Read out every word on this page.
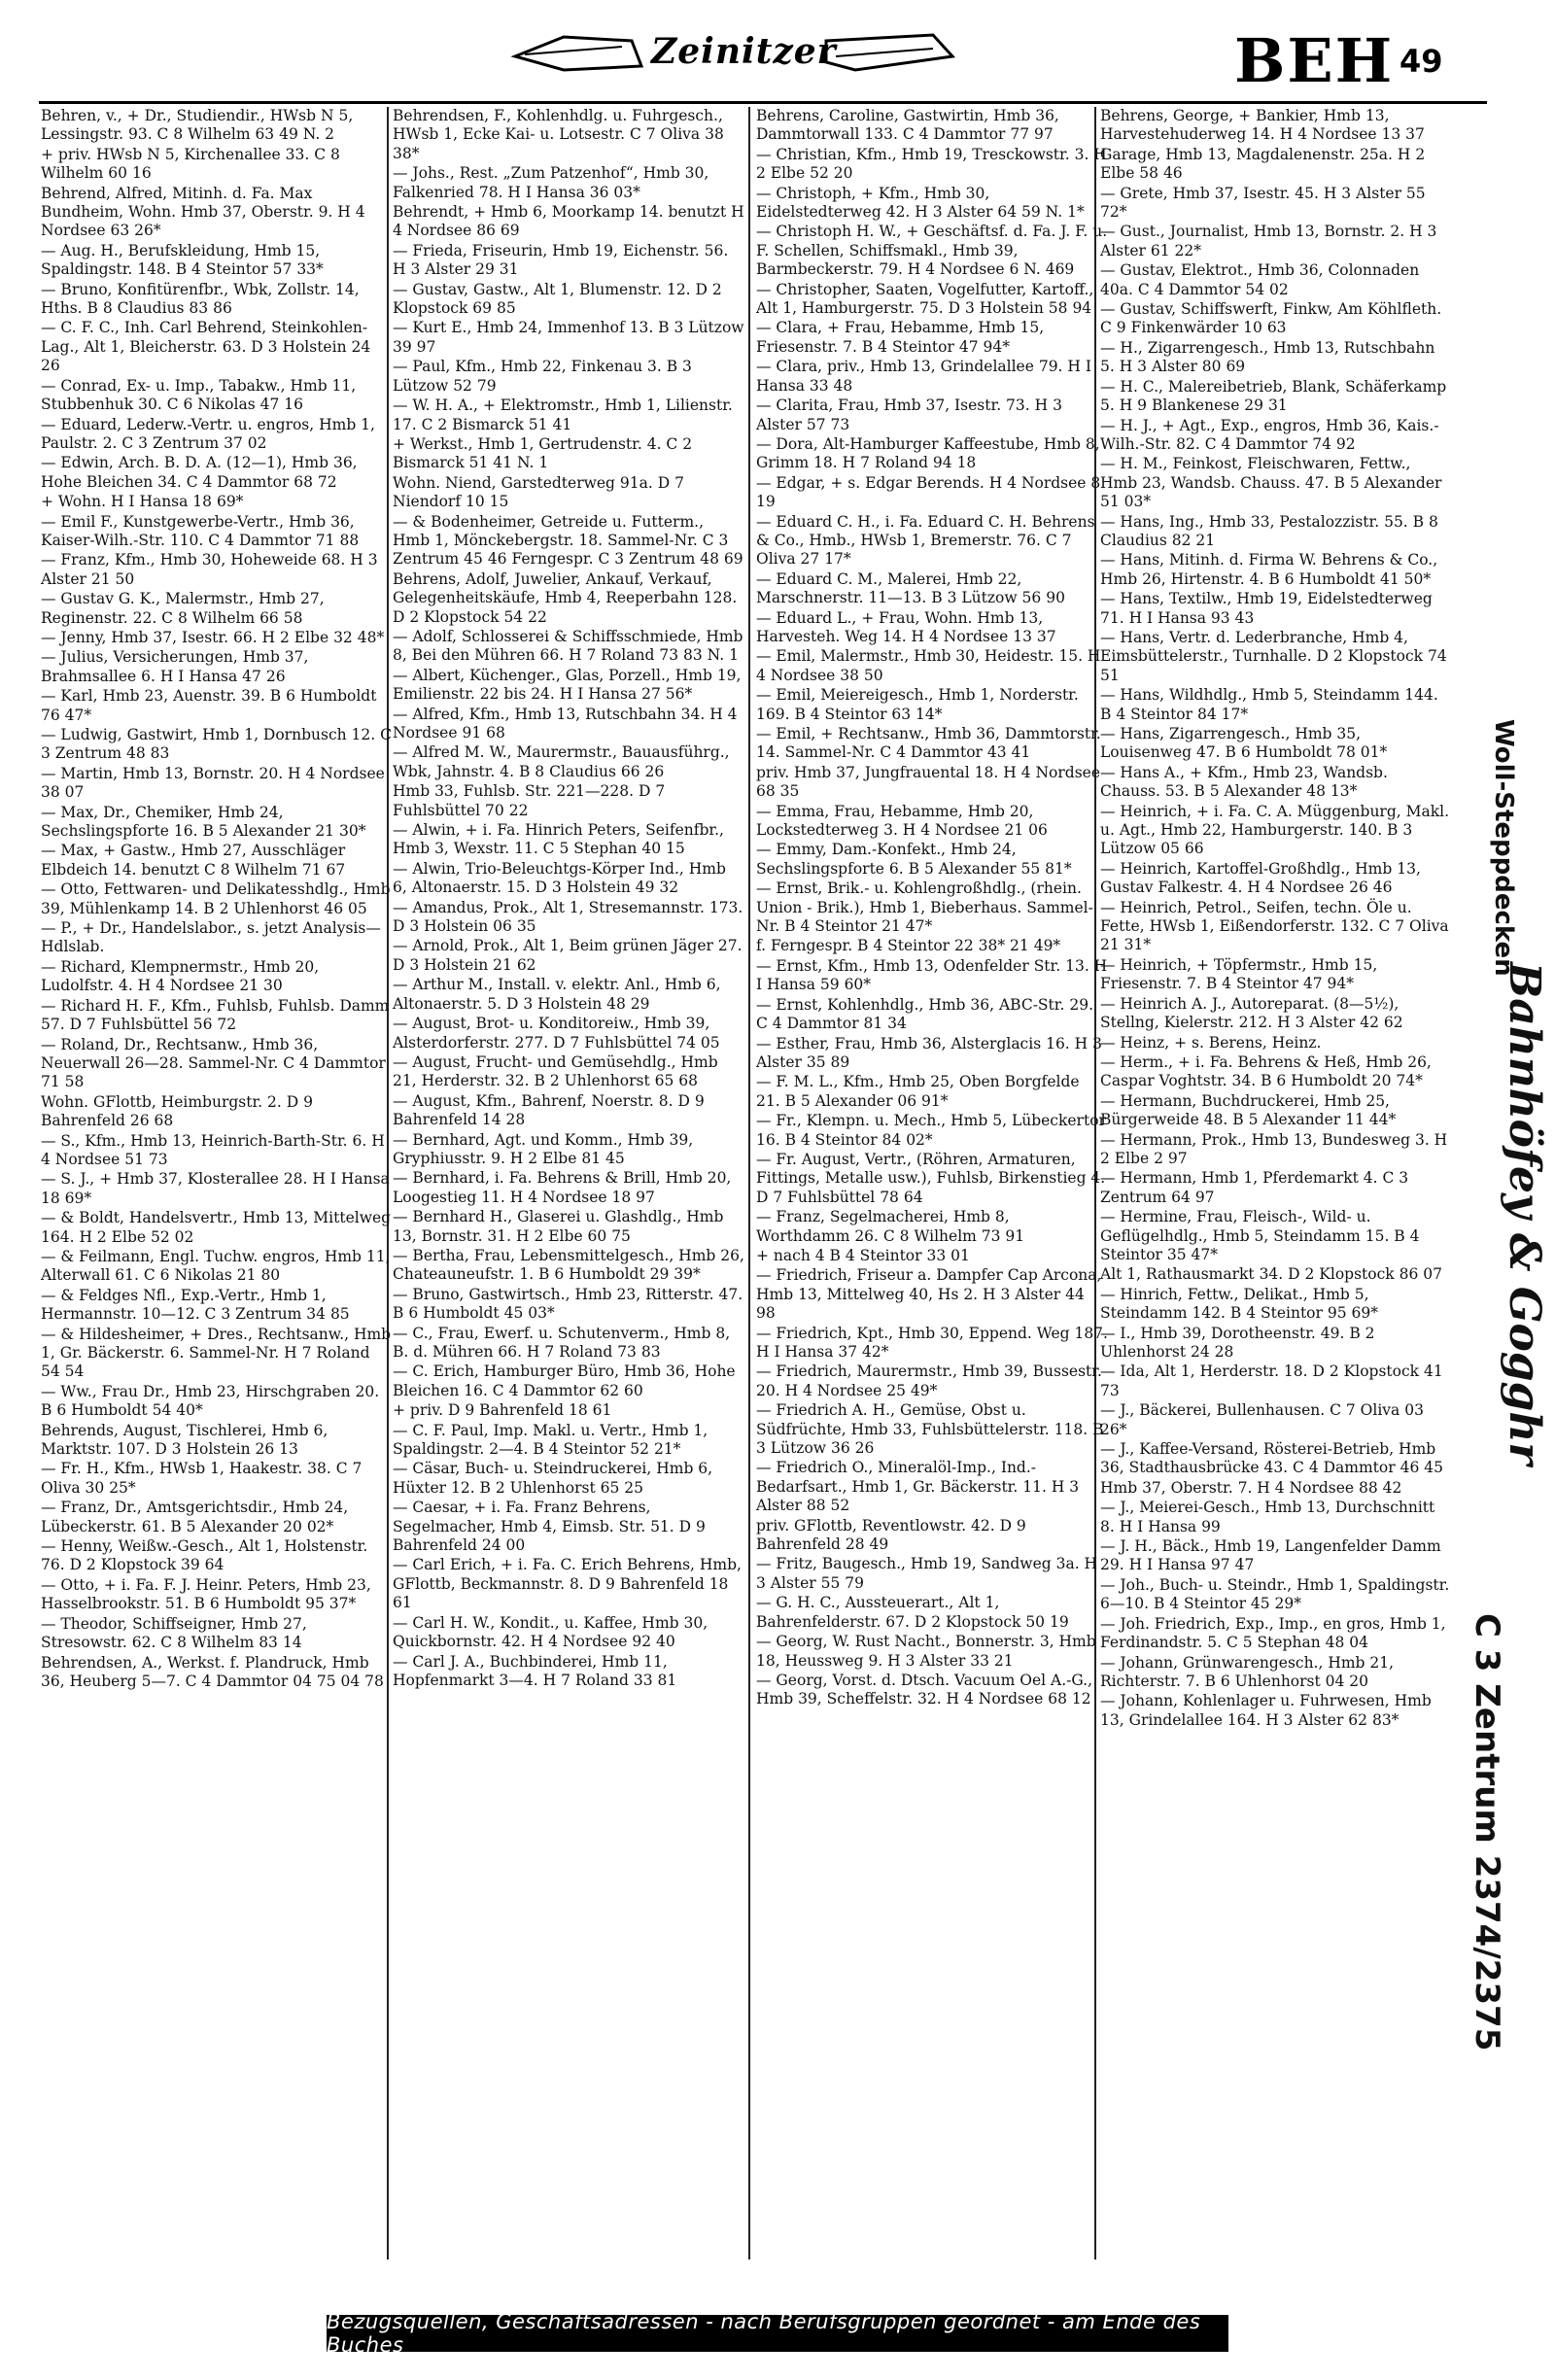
Zeinitzer	BEH 49
Behren, v., + Dr., Studiendir., HWsb N 5, Lessingstr. 93. C 8 Wilhelm 63 49 N. 2
+ priv. HWsb N 5, Kirchenallee 33. C 8 Wilhelm 60 16
Behrend, Alfred, Mitinh. d. Fa. Max Bundheim, Wohn. Hmb 37, Oberstr. 9. H 4 Nordsee 63 26*
— Aug. H., Berufskleidung, Hmb 15, Spaldingstr. 148. B 4 Steintor 57 33*
— Bruno, Konfitürenfbr., Wbk, Zollstr. 14, Hths. B 8 Claudius 83 86
— C. F. C., Inh. Carl Behrend, Steinkohlen-Lag., Alt 1, Bleicherstr. 63. D 3 Holstein 24 26
— Conrad, Ex- u. Imp., Tabakw., Hmb 11, Stubbenhuk 30. C 6 Nikolas 47 16
— Eduard, Lederw.-Vertr. u. engros, Hmb 1, Paulstr. 2. C 3 Zentrum 37 02
— Edwin, Arch. B. D. A. (12—1), Hmb 36, Hohe Bleichen 34. C 4 Dammtor 68 72
+ Wohn. H I Hansa 18 69*
— Emil F., Kunstgewerbe-Vertr., Hmb 36, Kaiser-Wilh.-Str. 110. C 4 Dammtor 71 88
— Franz, Kfm., Hmb 30, Hoheweide 68. H 3 Alster 21 50
— Gustav G. K., Malermstr., Hmb 27, Reginenstr. 22. C 8 Wilhelm 66 58
— Jenny, Hmb 37, Isestr. 66. H 2 Elbe 32 48*
— Julius, Versicherungen, Hmb 37, Brahmsallee 6. H I Hansa 47 26
— Karl, Hmb 23, Auenstr. 39. B 6 Humboldt 76 47*
— Ludwig, Gastwirt, Hmb 1, Dornbusch 12. C 3 Zentrum 48 83
— Martin, Hmb 13, Bornstr. 20. H 4 Nordsee 38 07
— Max, Dr., Chemiker, Hmb 24, Sechslingspforte 16. B 5 Alexander 21 30*
— Max, + Gastw., Hmb 27, Ausschläger Elbdeich 14. benutzt C 8 Wilhelm 71 67
— Otto, Fettwaren- und Delikatesshdlg., Hmb 39, Mühlenkamp 14. B 2 Uhlenhorst 46 05
— P., + Dr., Handelslabor., s. jetzt Analysis—Hdlslab.
— Richard, Klempnermstr., Hmb 20, Ludolfstr. 4. H 4 Nordsee 21 30
— Richard H. F., Kfm., Fuhlsb, Fuhlsb. Damm 57. D 7 Fuhlsbüttel 56 72
— Roland, Dr., Rechtsanw., Hmb 36, Neuerwall 26—28. Sammel-Nr. C 4 Dammtor 71 58
Wohn. GFlottb, Heimburgstr. 2. D 9 Bahrenfeld 26 68
— S., Kfm., Hmb 13, Heinrich-Barth-Str. 6. H 4 Nordsee 51 73
— S. J., + Hmb 37, Klosterallee 28. H I Hansa 18 69*
— & Boldt, Handelsvertr., Hmb 13, Mittelweg 164. H 2 Elbe 52 02
— & Feilmann, Engl. Tuchw. engros, Hmb 11, Alterwall 61. C 6 Nikolas 21 80
— & Feldges Nfl., Exp.-Vertr., Hmb 1, Hermannstr. 10—12. C 3 Zentrum 34 85
— & Hildesheimer, + Dres., Rechtsanw., Hmb 1, Gr. Bäckerstr. 6. Sammel-Nr. H 7 Roland 54 54
— Ww., Frau Dr., Hmb 23, Hirschgraben 20. B 6 Humboldt 54 40*
Behrends, August, Tischlerei, Hmb 6, Marktstr. 107. D 3 Holstein 26 13
— Fr. H., Kfm., HWsb 1, Haakestr. 38. C 7 Oliva 30 25*
— Franz, Dr., Amtsgerichtsdir., Hmb 24, Lübeckerstr. 61. B 5 Alexander 20 02*
— Henny, Weißw.-Gesch., Alt 1, Holstenstr. 76. D 2 Klopstock 39 64
— Otto, + i. Fa. F. J. Heinr. Peters, Hmb 23, Hasselbrookstr. 51. B 6 Humboldt 95 37*
— Theodor, Schiffseigner, Hmb 27, Stresowstr. 62. C 8 Wilhelm 83 14
Behrendsen, A., Werkst. f. Plandruck, Hmb 36, Heuberg 5—7. C 4 Dammtor 04 75 04 78
Behrendsen, F., Kohlenhdlg. u. Fuhrgesch., HWsb 1, Ecke Kai- u. Lotsestr. C 7 Oliva 38 38*
— Johs., Rest. „Zum Patzenhof“, Hmb 30, Falkenried 78. H I Hansa 36 03*
Behrendt, + Hmb 6, Moorkamp 14. benutzt H 4 Nordsee 86 69
— Frieda, Friseurin, Hmb 19, Eichenstr. 56. H 3 Alster 29 31
— Gustav, Gastw., Alt 1, Blumenstr. 12. D 2 Klopstock 69 85
— Kurt E., Hmb 24, Immenhof 13. B 3 Lützow 39 97
— Paul, Kfm., Hmb 22, Finkenau 3. B 3 Lützow 52 79
— W. H. A., + Elektromstr., Hmb 1, Lilienstr. 17. C 2 Bismarck 51 41
+ Werkst., Hmb 1, Gertrudenstr. 4. C 2 Bismarck 51 41 N. 1
Wohn. Niend, Garstedterweg 91a. D 7 Niendorf 10 15
— & Bodenheimer, Getreide u. Futterm., Hmb 1, Mönckebergstr. 18. Sammel-Nr. C 3 Zentrum 45 46 Ferngespr. C 3 Zentrum 48 69
Behrens, Adolf, Juwelier, Ankauf, Verkauf, Gelegenheitskäufe, Hmb 4, Reeperbahn 128. D 2 Klopstock 54 22
— Adolf, Schlosserei & Schiffsschmiede, Hmb 8, Bei den Mühren 66. H 7 Roland 73 83 N. 1
— Albert, Küchenger., Glas, Porzell., Hmb 19, Emilienstr. 22 bis 24. H I Hansa 27 56*
— Alfred, Kfm., Hmb 13, Rutschbahn 34. H 4 Nordsee 91 68
— Alfred M. W., Maurermstr., Bauausführg., Wbk, Jahnstr. 4. B 8 Claudius 66 26
Hmb 33, Fuhlsb. Str. 221—228. D 7 Fuhlsbüttel 70 22
— Alwin, + i. Fa. Hinrich Peters, Seifenfbr., Hmb 3, Wexstr. 11. C 5 Stephan 40 15
— Alwin, Trio-Beleuchtgs-Körper Ind., Hmb 6, Altonaerstr. 15. D 3 Holstein 49 32
— Amandus, Prok., Alt 1, Stresemannstr. 173. D 3 Holstein 06 35
— Arnold, Prok., Alt 1, Beim grünen Jäger 27. D 3 Holstein 21 62
— Arthur M., Install. v. elektr. Anl., Hmb 6, Altonaerstr. 5. D 3 Holstein 48 29
— August, Brot- u. Konditoreiw., Hmb 39, Alsterdorferstr. 277. D 7 Fuhlsbüttel 74 05
— August, Frucht- und Gemüsehdlg., Hmb 21, Herderstr. 32. B 2 Uhlenhorst 65 68
— August, Kfm., Bahrenf, Noerstr. 8. D 9 Bahrenfeld 14 28
— Bernhard, Agt. und Komm., Hmb 39, Gryphiusstr. 9. H 2 Elbe 81 45
— Bernhard, i. Fa. Behrens & Brill, Hmb 20, Loogestieg 11. H 4 Nordsee 18 97
— Bernhard H., Glaserei u. Glashdlg., Hmb 13, Bornstr. 31. H 2 Elbe 60 75
— Bertha, Frau, Lebensmittelgesch., Hmb 26, Chateauneufstr. 1. B 6 Humboldt 29 39*
— Bruno, Gastwirtsch., Hmb 23, Ritterstr. 47. B 6 Humboldt 45 03*
— C., Frau, Ewerf. u. Schutenverm., Hmb 8, B. d. Mühren 66. H 7 Roland 73 83
— C. Erich, Hamburger Büro, Hmb 36, Hohe Bleichen 16. C 4 Dammtor 62 60
+ priv. D 9 Bahrenfeld 18 61
— C. F. Paul, Imp. Makl. u. Vertr., Hmb 1, Spaldingstr. 2—4. B 4 Steintor 52 21*
— Cäsar, Buch- u. Steindruckerei, Hmb 6, Hüxter 12. B 2 Uhlenhorst 65 25
— Caesar, + i. Fa. Franz Behrens, Segelmacher, Hmb 4, Eimsb. Str. 51. D 9 Bahrenfeld 24 00
— Carl Erich, + i. Fa. C. Erich Behrens, Hmb, GFlottb, Beckmannstr. 8. D 9 Bahrenfeld 18 61
— Carl H. W., Kondit., u. Kaffee, Hmb 30, Quickbornstr. 42. H 4 Nordsee 92 40
— Carl J. A., Buchbinderei, Hmb 11, Hopfenmarkt 3—4. H 7 Roland 33 81
Behrens, Caroline, Gastwirtin, Hmb 36, Dammtorwall 133. C 4 Dammtor 77 97
— Christian, Kfm., Hmb 19, Tresckowstr. 3. H 2 Elbe 52 20
— Christoph, + Kfm., Hmb 30, Eidelstedterweg 42. H 3 Alster 64 59 N. 1*
— Christoph H. W., + Geschäftsf. d. Fa. J. F. u. F. Schellen, Schiffsmakl., Hmb 39, Barmbeckerstr. 79. H 4 Nordsee 6 N. 469
— Christopher, Saaten, Vogelfutter, Kartoff., Alt 1, Hamburgerstr. 75. D 3 Holstein 58 94
— Clara, + Frau, Hebamme, Hmb 15, Friesenstr. 7. B 4 Steintor 47 94*
— Clara, priv., Hmb 13, Grindelallee 79. H I Hansa 33 48
— Clarita, Frau, Hmb 37, Isestr. 73. H 3 Alster 57 73
— Dora, Alt-Hamburger Kaffeestube, Hmb 8, Grimm 18. H 7 Roland 94 18
— Edgar, + s. Edgar Berends. H 4 Nordsee 8 19
— Eduard C. H., i. Fa. Eduard C. H. Behrens & Co., Hmb., HWsb 1, Bremerstr. 76. C 7 Oliva 27 17*
— Eduard C. M., Malerei, Hmb 22, Marschnerstr. 11—13. B 3 Lützow 56 90
— Eduard L., + Frau, Wohn. Hmb 13, Harvesteh. Weg 14. H 4 Nordsee 13 37
— Emil, Malermstr., Hmb 30, Heidestr. 15. H 4 Nordsee 38 50
— Emil, Meiereigesch., Hmb 1, Norderstr. 169. B 4 Steintor 63 14*
— Emil, + Rechtsanw., Hmb 36, Dammtorstr. 14. Sammel-Nr. C 4 Dammtor 43 41
priv. Hmb 37, Jungfrauental 18. H 4 Nordsee 68 35
— Emma, Frau, Hebamme, Hmb 20, Lockstedterweg 3. H 4 Nordsee 21 06
— Emmy, Dam.-Konfekt., Hmb 24, Sechslingspforte 6. B 5 Alexander 55 81*
— Ernst, Brik.- u. Kohlengroßhdlg., (rhein. Union - Brik.), Hmb 1, Bieberhaus. Sammel-Nr. B 4 Steintor 21 47*
f. Ferngespr. B 4 Steintor 22 38* 21 49*
— Ernst, Kfm., Hmb 13, Odenfelder Str. 13. H I Hansa 59 60*
— Ernst, Kohlenhdlg., Hmb 36, ABC-Str. 29. C 4 Dammtor 81 34
— Esther, Frau, Hmb 36, Alsterglacis 16. H 3 Alster 35 89
— F. M. L., Kfm., Hmb 25, Oben Borgfelde 21. B 5 Alexander 06 91*
— Fr., Klempn. u. Mech., Hmb 5, Lübeckertor 16. B 4 Steintor 84 02*
— Fr. August, Vertr., (Röhren, Armaturen, Fittings, Metalle usw.), Fuhlsb, Birkenstieg 4. D 7 Fuhlsbüttel 78 64
— Franz, Segelmacherei, Hmb 8, Worthdamm 26. C 8 Wilhelm 73 91
+ nach 4 B 4 Steintor 33 01
— Friedrich, Friseur a. Dampfer Cap Arcona, Hmb 13, Mittelweg 40, Hs 2. H 3 Alster 44 98
— Friedrich, Kpt., Hmb 30, Eppend. Weg 187. H I Hansa 37 42*
— Friedrich, Maurermstr., Hmb 39, Bussestr. 20. H 4 Nordsee 25 49*
— Friedrich A. H., Gemüse, Obst u. Südfrüchte, Hmb 33, Fuhlsbüttelerstr. 118. B 3 Lützow 36 26
— Friedrich O., Mineralöl-Imp., Ind.-Bedarfsart., Hmb 1, Gr. Bäckerstr. 11. H 3 Alster 88 52
priv. GFlottb, Reventlowstr. 42. D 9 Bahrenfeld 28 49
— Fritz, Baugesch., Hmb 19, Sandweg 3a. H 3 Alster 55 79
— G. H. C., Aussteuerart., Alt 1, Bahrenfelderstr. 67. D 2 Klopstock 50 19
— Georg, W. Rust Nacht., Bonnerstr. 3, Hmb 18, Heussweg 9. H 3 Alster 33 21
— Georg, Vorst. d. Dtsch. Vacuum Oel A.-G., Hmb 39, Scheffelstr. 32. H 4 Nordsee 68 12
Behrens, George, + Bankier, Hmb 13, Harvestehuderweg 14. H 4 Nordsee 13 37
Garage, Hmb 13, Magdalenenstr. 25a. H 2 Elbe 58 46
— Grete, Hmb 37, Isestr. 45. H 3 Alster 55 72*
— Gust., Journalist, Hmb 13, Bornstr. 2. H 3 Alster 61 22*
— Gustav, Elektrot., Hmb 36, Colonnaden 40a. C 4 Dammtor 54 02
— Gustav, Schiffswerft, Finkw, Am Köhlfleth. C 9 Finkenwärder 10 63
— H., Zigarrengesch., Hmb 13, Rutschbahn 5. H 3 Alster 80 69
— H. C., Malereibetrieb, Blank, Schäferkamp 5. H 9 Blankenese 29 31
— H. J., + Agt., Exp., engros, Hmb 36, Kais.-Wilh.-Str. 82. C 4 Dammtor 74 92
— H. M., Feinkost, Fleischwaren, Fettw., Hmb 23, Wandsb. Chauss. 47. B 5 Alexander 51 03*
— Hans, Ing., Hmb 33, Pestalozzistr. 55. B 8 Claudius 82 21
— Hans, Mitinh. d. Firma W. Behrens & Co., Hmb 26, Hirtenstr. 4. B 6 Humboldt 41 50*
— Hans, Textilw., Hmb 19, Eidelstedterweg 71. H I Hansa 93 43
— Hans, Vertr. d. Lederbranche, Hmb 4, Eimsbüttelerstr., Turnhalle. D 2 Klopstock 74 51
— Hans, Wildhdlg., Hmb 5, Steindamm 144. B 4 Steintor 84 17*
— Hans, Zigarrengesch., Hmb 35, Louisenweg 47. B 6 Humboldt 78 01*
— Hans A., + Kfm., Hmb 23, Wandsb. Chauss. 53. B 5 Alexander 48 13*
— Heinrich, + i. Fa. C. A. Müggenburg, Makl. u. Agt., Hmb 22, Hamburgerstr. 140. B 3 Lützow 05 66
— Heinrich, Kartoffel-Großhdlg., Hmb 13, Gustav Falkestr. 4. H 4 Nordsee 26 46
— Heinrich, Petrol., Seifen, techn. Öle u. Fette, HWsb 1, Eißendorferstr. 132. C 7 Oliva 21 31*
— Heinrich, + Töpfermstr., Hmb 15, Friesenstr. 7. B 4 Steintor 47 94*
— Heinrich A. J., Autoreparat. (8—5½), Stellng, Kielerstr. 212. H 3 Alster 42 62
— Heinz, + s. Berens, Heinz.
— Herm., + i. Fa. Behrens & Heß, Hmb 26, Caspar Voghtstr. 34. B 6 Humboldt 20 74*
— Hermann, Buchdruckerei, Hmb 25, Bürgerweide 48. B 5 Alexander 11 44*
— Hermann, Prok., Hmb 13, Bundesweg 3. H 2 Elbe 2 97
— Hermann, Hmb 1, Pferdemarkt 4. C 3 Zentrum 64 97
— Hermine, Frau, Fleisch-, Wild- u. Geflügelhdlg., Hmb 5, Steindamm 15. B 4 Steintor 35 47*
Alt 1, Rathausmarkt 34. D 2 Klopstock 86 07
— Hinrich, Fettw., Delikat., Hmb 5, Steindamm 142. B 4 Steintor 95 69*
— I., Hmb 39, Dorotheenstr. 49. B 2 Uhlenhorst 24 28
— Ida, Alt 1, Herderstr. 18. D 2 Klopstock 41 73
— J., Bäckerei, Bullenhausen. C 7 Oliva 03 26*
— J., Kaffee-Versand, Rösterei-Betrieb, Hmb 36, Stadthausbrücke 43. C 4 Dammtor 46 45
Hmb 37, Oberstr. 7. H 4 Nordsee 88 42
— J., Meierei-Gesch., Hmb 13, Durchschnitt 8. H I Hansa 99
— J. H., Bäck., Hmb 19, Langenfelder Damm 29. H I Hansa 97 47
— Joh., Buch- u. Steindr., Hmb 1, Spaldingstr. 6—10. B 4 Steintor 45 29*
— Joh. Friedrich, Exp., Imp., en gros, Hmb 1, Ferdinandstr. 5. C 5 Stephan 48 04
— Johann, Grünwarengesch., Hmb 21, Richterstr. 7. B 6 Uhlenhorst 04 20
— Johann, Kohlenlager u. Fuhrwesen, Hmb 13, Grindelallee 164. H 3 Alster 62 83*
Woll-Steppdecken
Bahnhöfey & Gogghr
C 3 Zentrum 2374/2375
Bezugsquellen, Geschäftsadressen - nach Berufsgruppen geordnet - am Ende des Buches
